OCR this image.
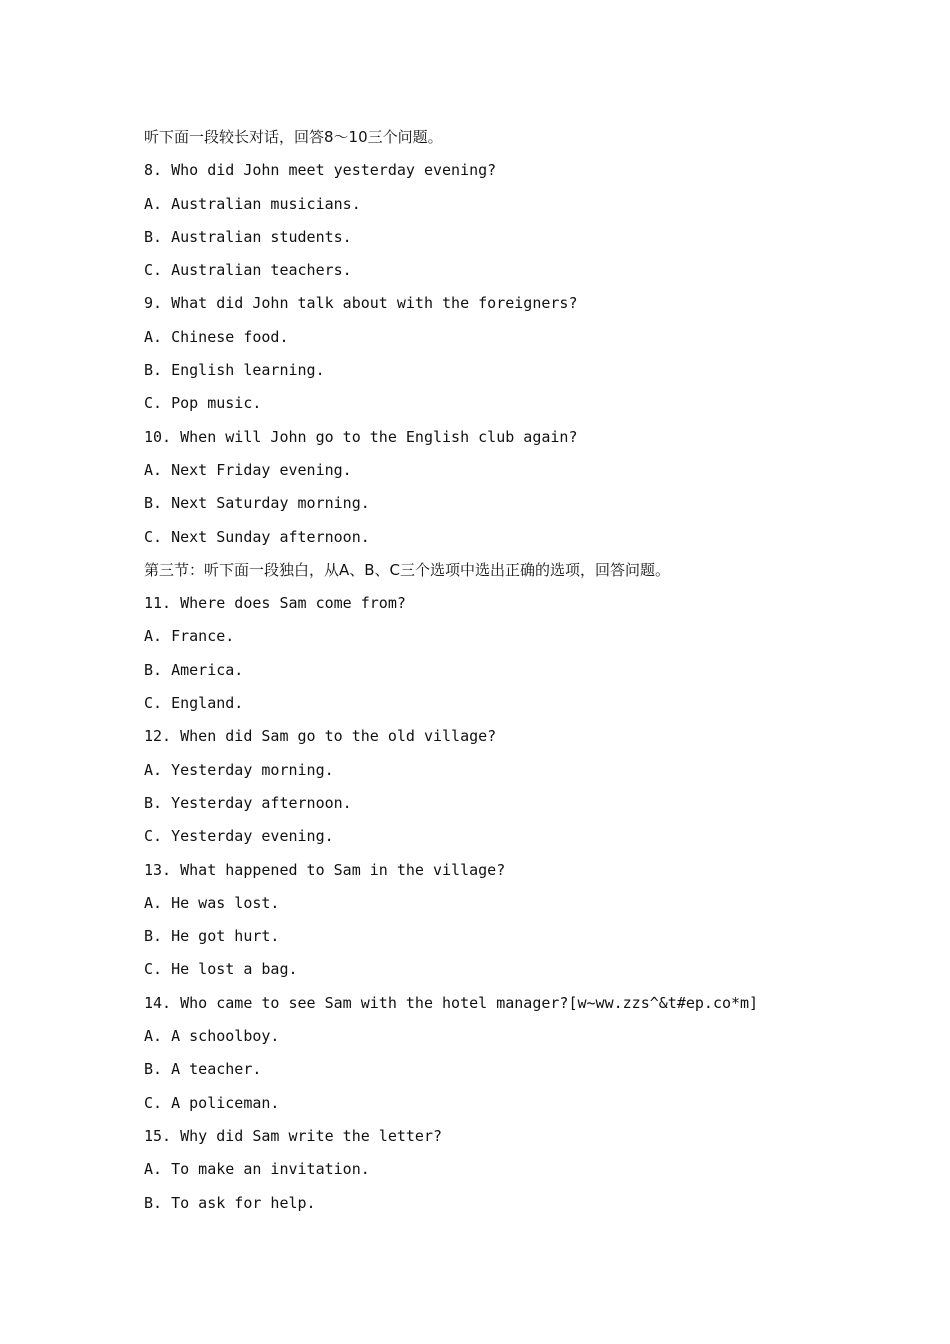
听下面一段较长对话，回答8～10三个问题。
8. Who did John meet yesterday evening?
A. Australian musicians.
B. Australian students.
C. Australian teachers.
9. What did John talk about with the foreigners?
A. Chinese food.
B. English learning.
C. Pop music.
10. When will John go to the English club again?
A. Next Friday evening.
B. Next Saturday morning.
C. Next Sunday afternoon.
第三节：听下面一段独白，从A、B、C三个选项中选出正确的选项，回答问题。
11. Where does Sam come from?
A. France.
B. America.
C. England.
12. When did Sam go to the old village?
A. Yesterday morning.
B. Yesterday afternoon.
C. Yesterday evening.
13. What happened to Sam in the village?
A. He was lost.
B. He got hurt.
C. He lost a bag.
14. Who came to see Sam with the hotel manager?[w~ww.zzs^&t#ep.co*m]
A. A schoolboy.
B. A teacher.
C. A policeman.
15. Why did Sam write the letter?
A. To make an invitation.
B. To ask for help.
